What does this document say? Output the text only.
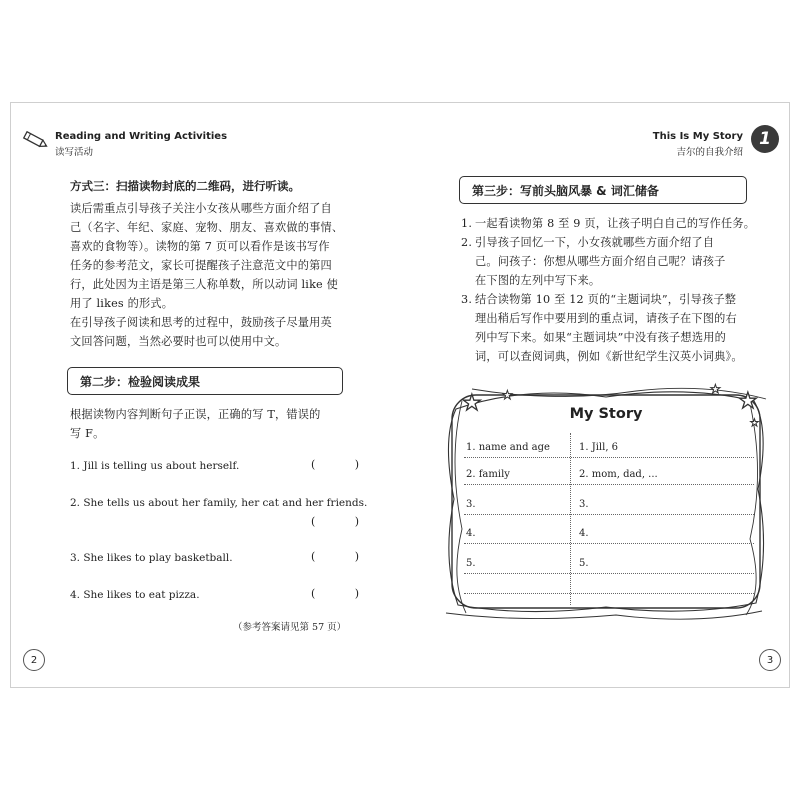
Reading and Writing Activities
读写活动
方式三：扫描读物封底的二维码，进行听读。
读后需重点引导孩子关注小女孩从哪些方面介绍了自
己（名字、年纪、家庭、宠物、朋友、喜欢做的事情、
喜欢的食物等）。读物的第 7 页可以看作是该书写作
任务的参考范文，家长可提醒孩子注意范文中的第四
行，此处因为主语是第三人称单数，所以动词 like 使
用了 likes 的形式。
在引导孩子阅读和思考的过程中，鼓励孩子尽量用英
文回答问题，当然必要时也可以使用中文。
第二步：检验阅读成果
根据读物内容判断句子正误，正确的写 T，错误的
写 F。
1. Jill is telling us about herself.	( )
2. She tells us about her family, her cat and her friends.
( )
3. She likes to play basketball.	( )
4. She likes to eat pizza.	( )
（参考答案请见第 57 页）
2
This Is My Story
吉尔的自我介绍
1
第三步：写前头脑风暴 & 词汇储备
1. 一起看读物第 8 至 9 页，让孩子明白自己的写作任务。
2. 引导孩子回忆一下，小女孩就哪些方面介绍了自
己。问孩子：你想从哪些方面介绍自己呢？请孩子
在下图的左列中写下来。
3. 结合读物第 10 至 12 页的“主题词块”，引导孩子整
理出稍后写作中要用到的重点词，请孩子在下图的右
列中写下来。如果“主题词块”中没有孩子想选用的
词，可以查阅词典，例如《新世纪学生汉英小词典》。
★ ★	★
★
★
My Story
1. name and age	1. Jill, 6
2. family	2. mom, dad, ...
3.	3.
4.	4.
5.	5.
3
